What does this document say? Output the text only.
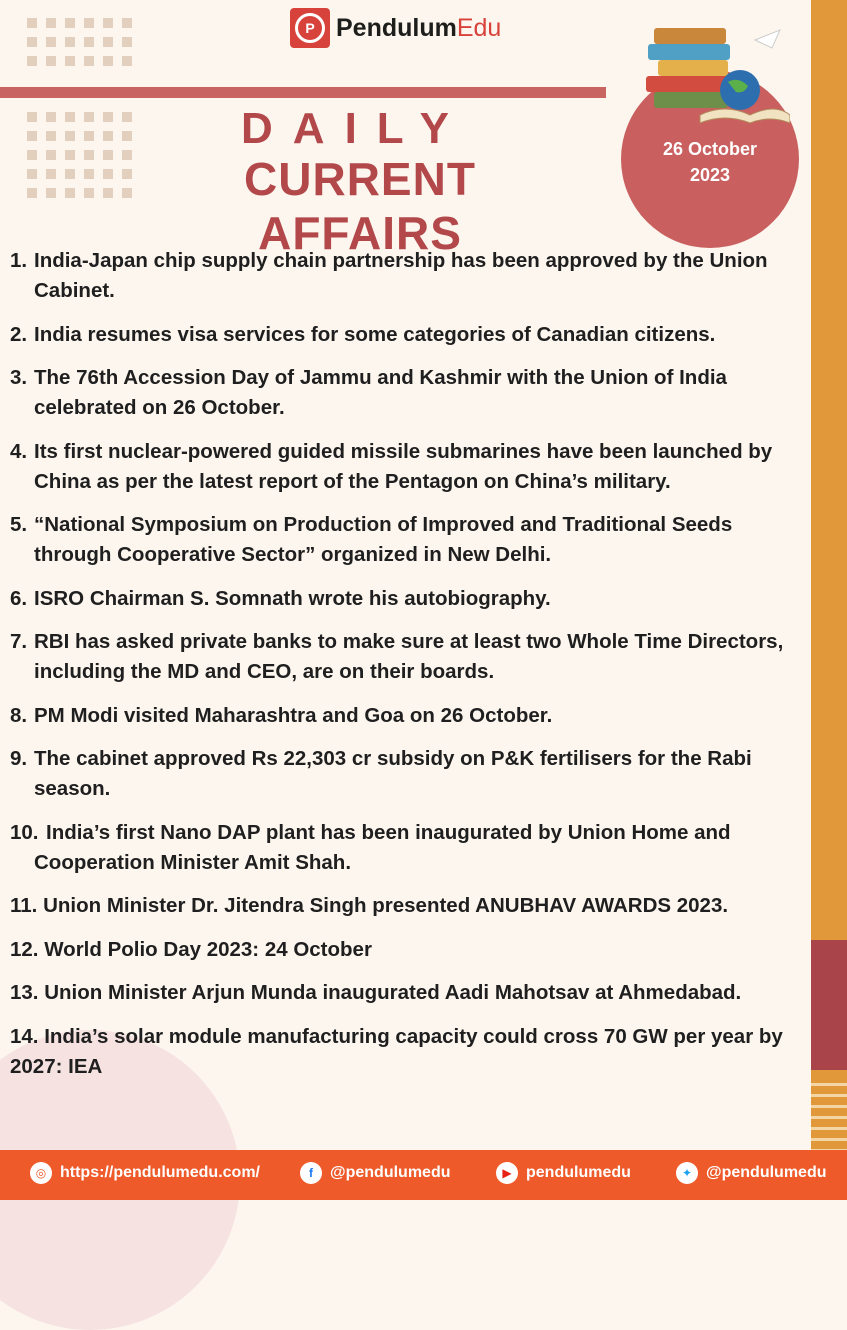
P PendulumEdu
DAILY
CURRENT AFFAIRS
26 October
2023
1. India-Japan chip supply chain partnership has been approved by the Union Cabinet.
2. India resumes visa services for some categories of Canadian citizens.
3. The 76th Accession Day of Jammu and Kashmir with the Union of India celebrated on 26 October.
4. Its first nuclear-powered guided missile submarines have been launched by China as per the latest report of the Pentagon on China’s military.
5. “National Symposium on Production of Improved and Traditional Seeds through Cooperative Sector” organized in New Delhi.
6. ISRO Chairman S. Somnath wrote his autobiography.
7. RBI has asked private banks to make sure at least two Whole Time Directors, including the MD and CEO, are on their boards.
8. PM Modi visited Maharashtra and Goa on 26 October.
9. The cabinet approved Rs 22,303 cr subsidy on P&K fertilisers for the Rabi season.
10. India’s first Nano DAP plant has been inaugurated by Union Home and Cooperation Minister Amit Shah.
11. Union Minister Dr. Jitendra Singh presented ANUBHAV AWARDS 2023.
12. World Polio Day 2023: 24 October
13. Union Minister Arjun Munda inaugurated Aadi Mahotsav at Ahmedabad.
14. India’s solar module manufacturing capacity could cross 70 GW per year by 2027: IEA
◎ https://pendulumedu.com/	f	@pendulumedu	▶ pendulumedu	✦ @pendulumedu
